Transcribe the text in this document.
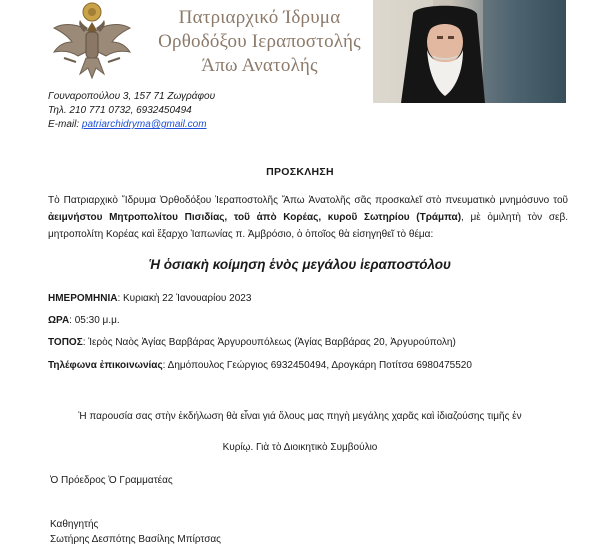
Πατριαρχικό Ίδρυμα
Ορθοδόξου Ιεραποστολής
Άπω Ανατολής
Γουναροπούλου 3, 157 71 Ζωγράφου
Τηλ. 210 771 0732, 6932450494
E-mail: patriarchidryma@gmail.com
ΠΡΟΣΚΛΗΣΗ
Τὸ Πατριαρχικὸ Ἵδρυμα Ὀρθοδόξου Ἱεραποστολῆς Ἄπω Ἀνατολῆς σᾶς προσκαλεῖ στὸ πνευματικὸ μνημόσυνο τοῦ ἀειμνήστου Μητροπολίτου Πισιδίας, τοῦ ἀπὸ Κορέας, κυροῦ Σωτηρίου (Τράμπα), μὲ ὁμιλητὴ τὸν σεβ. μητροπολίτη Κορέας καὶ ἔξαρχο Ἰαπωνίας π. Ἀμβρόσιο, ὁ ὁποῖος θὰ εἰσηγηθεῖ τὸ θέμα:
Ἡ ὁσιακὴ κοίμηση ἑνὸς μεγάλου ἱεραποστόλου
ΗΜΕΡΟΜΗΝΙΑ: Κυριακὴ 22 Ἰανουαρίου 2023
ΩΡΑ: 05:30 μ.μ.
ΤΟΠΟΣ: Ἱερὸς Ναὸς Ἁγίας Βαρβάρας Ἀργυρουπόλεως (Ἁγίας Βαρβάρας 20, Ἀργυρούπολη)
Τηλέφωνα ἐπικοινωνίας: Δημόπουλος Γεώργιος 6932450494, Δρογκάρη Ποτίτσα 6980475520
Ἡ παρουσία σας στὴν ἐκδήλωση θὰ εἶναι γιά ὅλους μας πηγὴ μεγάλης χαρᾶς καὶ ἰδιαζούσης τιμῆς ἐν
Κυρίῳ. Γιὰ τὸ Διοικητικὸ Συμβούλιο
Ὁ Πρόεδρος Ὁ Γραμματέας
Καθηγητής
Σωτήρης Δεσπότης Βασίλης Μπίρτσας
